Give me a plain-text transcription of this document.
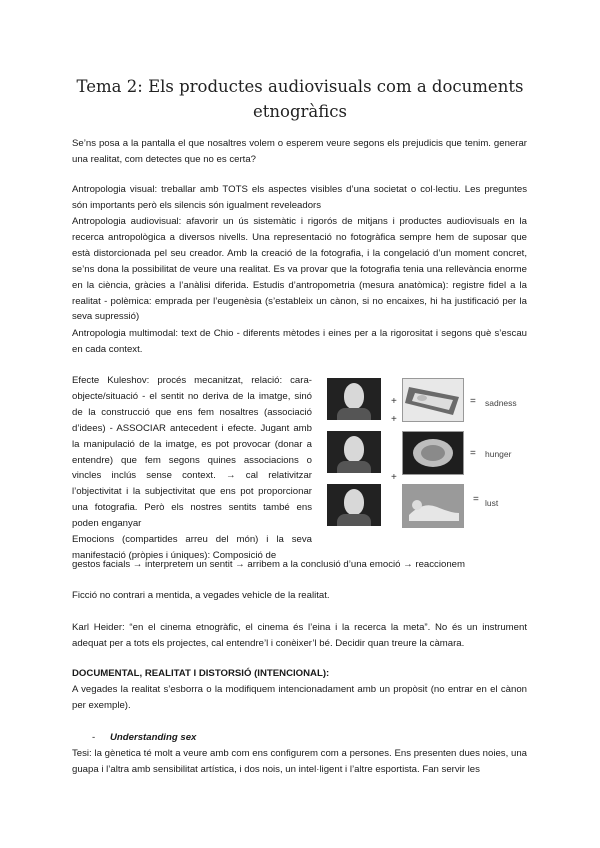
Tema 2: Els productes audiovisuals com a documents etnogràfics

Se’ns posa a la pantalla el que nosaltres volem o esperem veure segons els prejudicis que tenim. generar una realitat, com detectes que no es certa?

Antropologia visual: treballar amb TOTS els aspectes visibles d’una societat o col·lectiu. Les preguntes són importants però els silencis són igualment reveleadors

Antropologia audiovisual: afavorir un ús sistemàtic i rigorós de mitjans i productes audiovisuals en la recerca antropològica a diversos nivells. Una representació no fotogràfica sempre hem de suposar que està distorcionada pel seu creador. Amb la creació de la fotografia, i la congelació d’un moment concret, se’ns dona la possibilitat de veure una realitat. Es va provar que la fotografia tenia una rellevància enorme en la ciència, gràcies a l’anàlisi diferida. Estudis d’antropometria (mesura anatòmica): registre fidel a la realitat - polèmica: emprada per l’eugenèsia (s’estableix un cànon, si no encaixes, hi ha justificació per la seva supressió)

Antropologia multimodal: text de Chio - diferents mètodes i eines per a la rigorositat i segons què s’escau en cada context.

Efecte Kuleshov: procés mecanitzat, relació: cara-objecte/situació - el sentit no deriva de la imatge, sinó de la construcció que ens fem nosaltres (associació d’idees) - ASSOCIAR antecedent i efecte. Jugant amb la manipulació de la imatge, es pot provocar (donar a entendre) que fem segons quines associacions o vincles inclús sense context. → cal relativitzar l’objectivitat i la subjectivitat que ens pot proporcionar una fotografia. Però els nostres sentits també ens poden enganyar

Emocions (compartides arreu del món) i la seva manifestació (pròpies i úniques): Composició de

gestos facials → interpretem un sentit → arribem a la conclusió d’una emoció → reaccionem

Ficció no contrari a mentida, a vegades vehicle de la realitat.

Karl Heider: “en el cinema etnogràfic, el cinema és l’eina i la recerca la meta”. No és un instrument adequat per a tots els projectes, cal entendre’l i conèixer’l bé. Decidir quan treure la càmara.

DOCUMENTAL, REALITAT I DISTORSIÓ (INTENCIONAL):

A vegades la realitat s’esborra o la modifiquem intencionadament amb un propòsit (no entrar en el cànon per exemple).

- Understanding sex

Tesi: la gènetica té molt a veure amb com ens configurem com a persones. Ens presenten dues noies, una guapa i l’altra amb sensibilitat artística, i dos nois, un intel·ligent i l’altre esportista. Fan servir les

+	= sadness
+
= hunger
+
= lust
